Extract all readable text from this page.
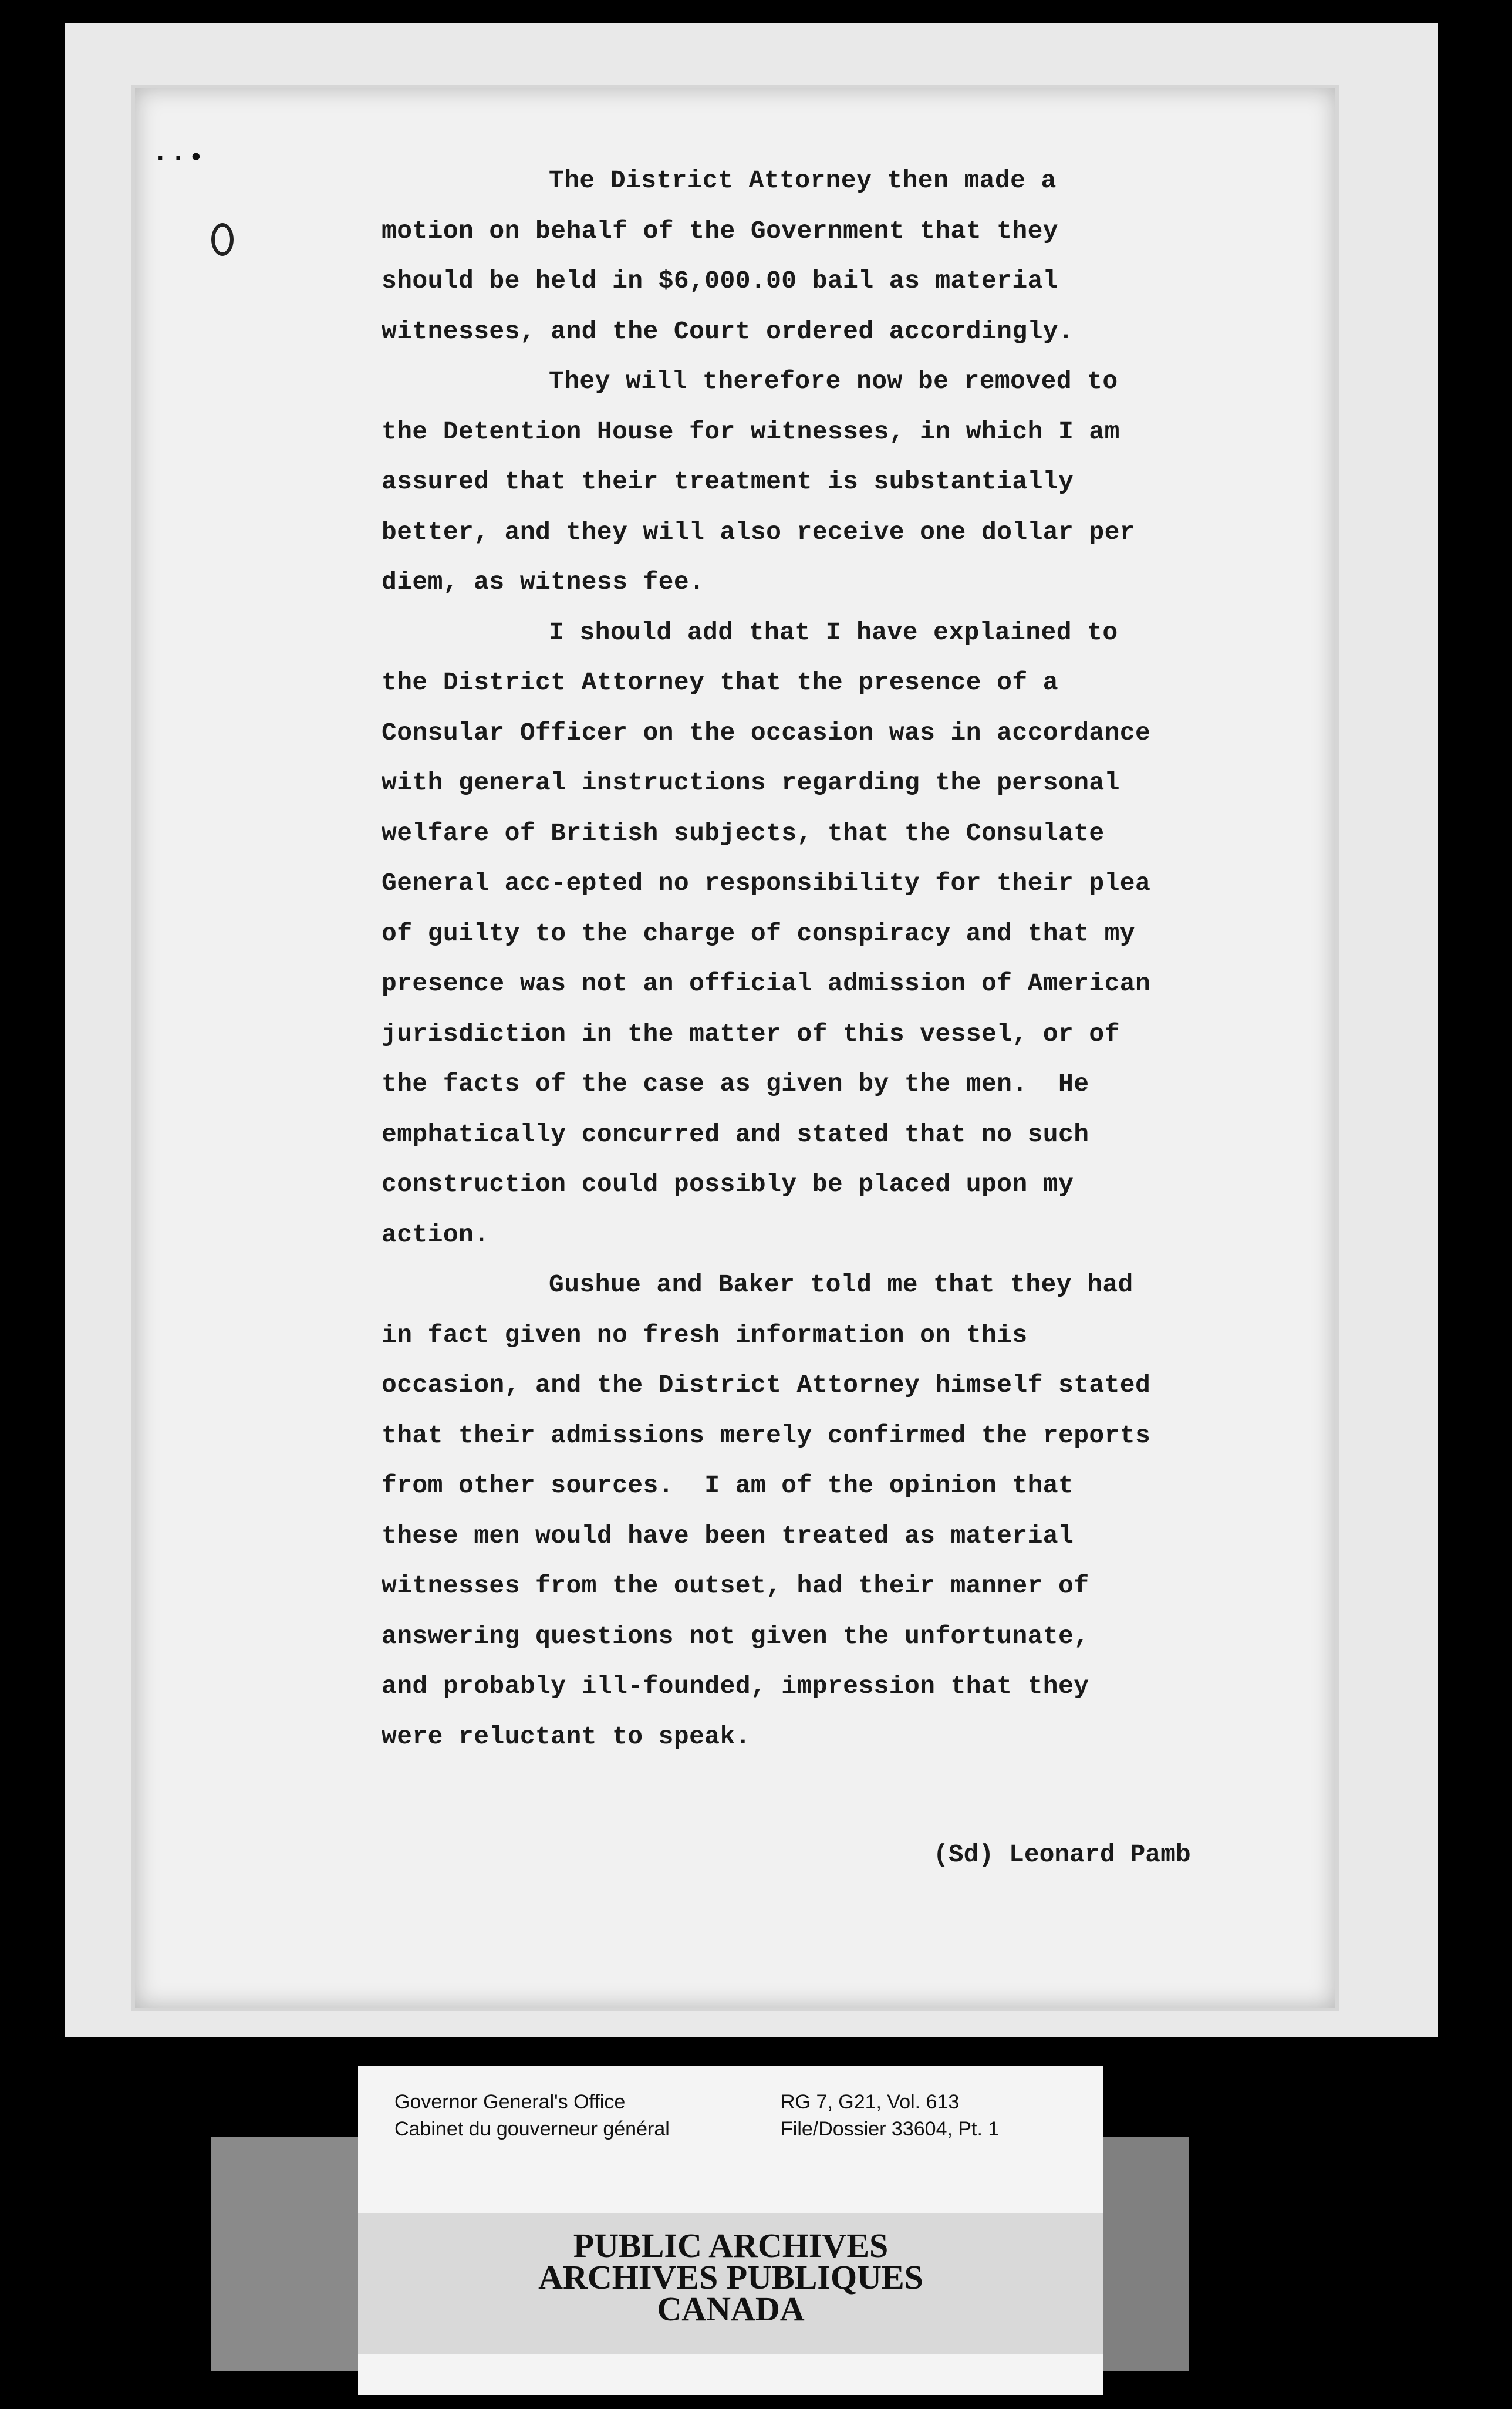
··•
The District Attorney then made a
motion on behalf of the Government that they
should be held in $6,000.00 bail as material
witnesses, and the Court ordered accordingly.
They will therefore now be removed to
the Detention House for witnesses, in which I am
assured that their treatment is substantially
better, and they will also receive one dollar per
diem, as witness fee.
I should add that I have explained to
the District Attorney that the presence of a
Consular Officer on the occasion was in accordance
with general instructions regarding the personal
welfare of British subjects, that the Consulate
General acc-epted no responsibility for their plea
of guilty to the charge of conspiracy and that my
presence was not an official admission of American
jurisdiction in the matter of this vessel, or of
the facts of the case as given by the men.  He
emphatically concurred and stated that no such
construction could possibly be placed upon my
action.
Gushue and Baker told me that they had
in fact given no fresh information on this
occasion, and the District Attorney himself stated
that their admissions merely confirmed the reports
from other sources.  I am of the opinion that
these men would have been treated as material
witnesses from the outset, had their manner of
answering questions not given the unfortunate,
and probably ill-founded, impression that they
were reluctant to speak.
(Sd) Leonard Pamb
Governor General's Office
Cabinet du gouverneur général
RG 7, G21, Vol. 613
File/Dossier 33604, Pt. 1
PUBLIC ARCHIVES
ARCHIVES PUBLIQUES
CANADA
